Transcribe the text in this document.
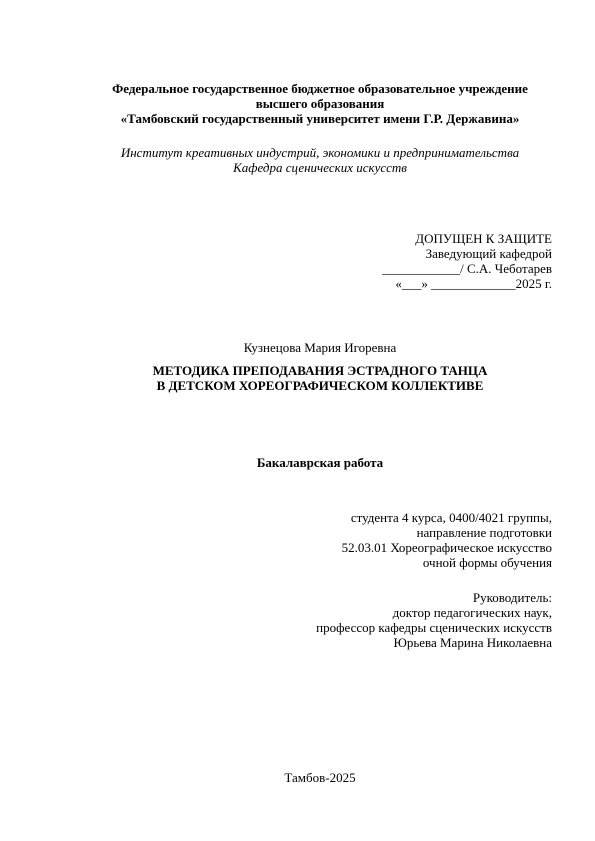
Федеральное государственное бюджетное образовательное учреждение
высшего образования
«Тамбовский государственный университет имени Г.Р. Державина»
Институт креативных индустрий, экономики и предпринимательства
Кафедра сценических искусств
ДОПУЩЕН К ЗАЩИТЕ
Заведующий кафедрой
____________/ С.А. Чеботарев
«___» _____________2025 г.
Кузнецова Мария Игоревна
МЕТОДИКА ПРЕПОДАВАНИЯ ЭСТРАДНОГО ТАНЦА
В ДЕТСКОМ ХОРЕОГРАФИЧЕСКОМ КОЛЛЕКТИВЕ
Бакалаврская работа
студента 4 курса, 0400/4021 группы,
направление подготовки
52.03.01 Хореографическое искусство
очной формы обучения
Руководитель:
доктор педагогических наук,
профессор кафедры сценических искусств
Юрьева Марина Николаевна
Тамбов-2025
